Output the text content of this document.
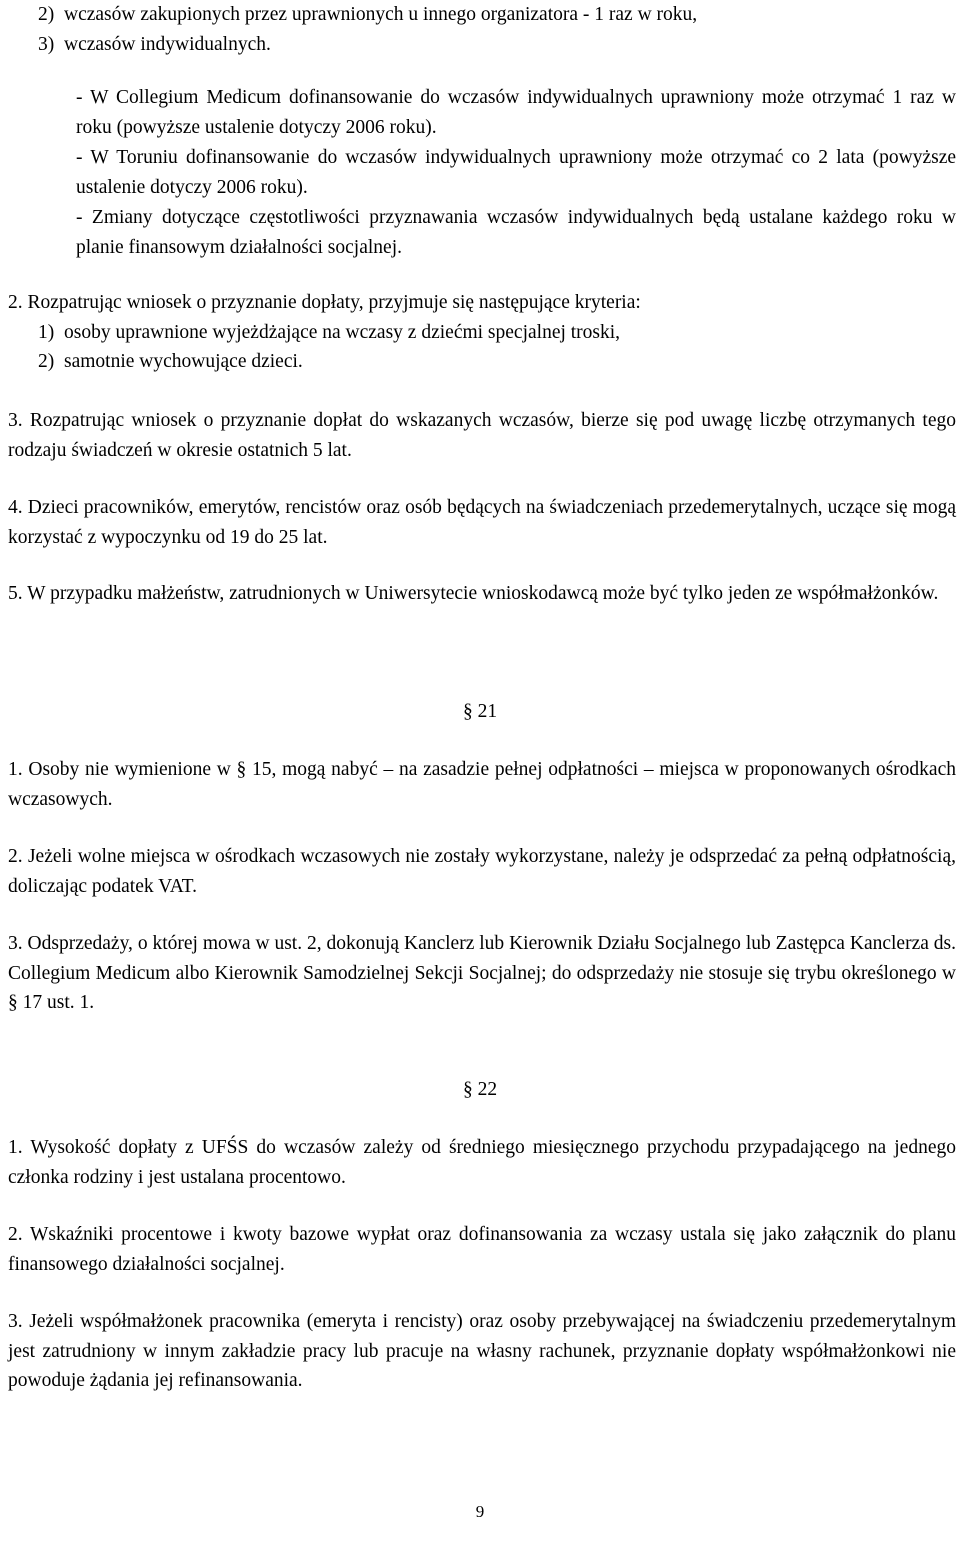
2)  wczasów zakupionych przez uprawnionych u innego organizatora - 1 raz w roku,

3)  wczasów indywidualnych.

- W Collegium Medicum dofinansowanie do wczasów indywidualnych uprawniony może otrzymać 1 raz w roku (powyższe ustalenie dotyczy 2006 roku).

- W Toruniu dofinansowanie do wczasów indywidualnych uprawniony może otrzymać co 2 lata (powyższe ustalenie dotyczy 2006 roku).

- Zmiany dotyczące częstotliwości przyznawania wczasów indywidualnych będą ustalane każdego roku w planie finansowym działalności socjalnej.

2. Rozpatrując wniosek o przyznanie dopłaty, przyjmuje się następujące kryteria:

1)  osoby uprawnione wyjeżdżające na wczasy z dziećmi specjalnej troski,

2)  samotnie wychowujące dzieci.

3. Rozpatrując wniosek o przyznanie dopłat do wskazanych wczasów, bierze się pod uwagę liczbę otrzymanych tego rodzaju świadczeń w okresie ostatnich 5 lat.

4. Dzieci pracowników, emerytów, rencistów oraz osób będących na świadczeniach przedemerytalnych, uczące się mogą korzystać z wypoczynku od 19 do 25 lat.

5. W przypadku małżeństw, zatrudnionych w Uniwersytecie wnioskodawcą może być tylko jeden ze współmałżonków.

§ 21

1. Osoby nie wymienione w § 15, mogą nabyć – na zasadzie pełnej odpłatności – miejsca w proponowanych ośrodkach wczasowych.

2. Jeżeli wolne miejsca w ośrodkach wczasowych nie zostały wykorzystane, należy je odsprzedać za pełną odpłatnością, doliczając podatek VAT.

3. Odsprzedaży, o której mowa w ust. 2, dokonują Kanclerz lub Kierownik Działu Socjalnego lub Zastępca Kanclerza ds. Collegium Medicum albo Kierownik Samodzielnej Sekcji Socjalnej; do odsprzedaży nie stosuje się trybu określonego w § 17 ust. 1.

§ 22

1. Wysokość dopłaty z UFŚS do wczasów zależy od średniego miesięcznego przychodu przypadającego na jednego członka rodziny i jest ustalana procentowo.

2. Wskaźniki procentowe i kwoty bazowe wypłat oraz dofinansowania za wczasy ustala się jako załącznik do planu finansowego działalności socjalnej.

3. Jeżeli współmałżonek pracownika (emeryta i rencisty) oraz osoby przebywającej na świadczeniu przedemerytalnym jest zatrudniony w innym zakładzie pracy lub pracuje na własny rachunek, przyznanie dopłaty współmałżonkowi nie powoduje żądania jej refinansowania.

9
